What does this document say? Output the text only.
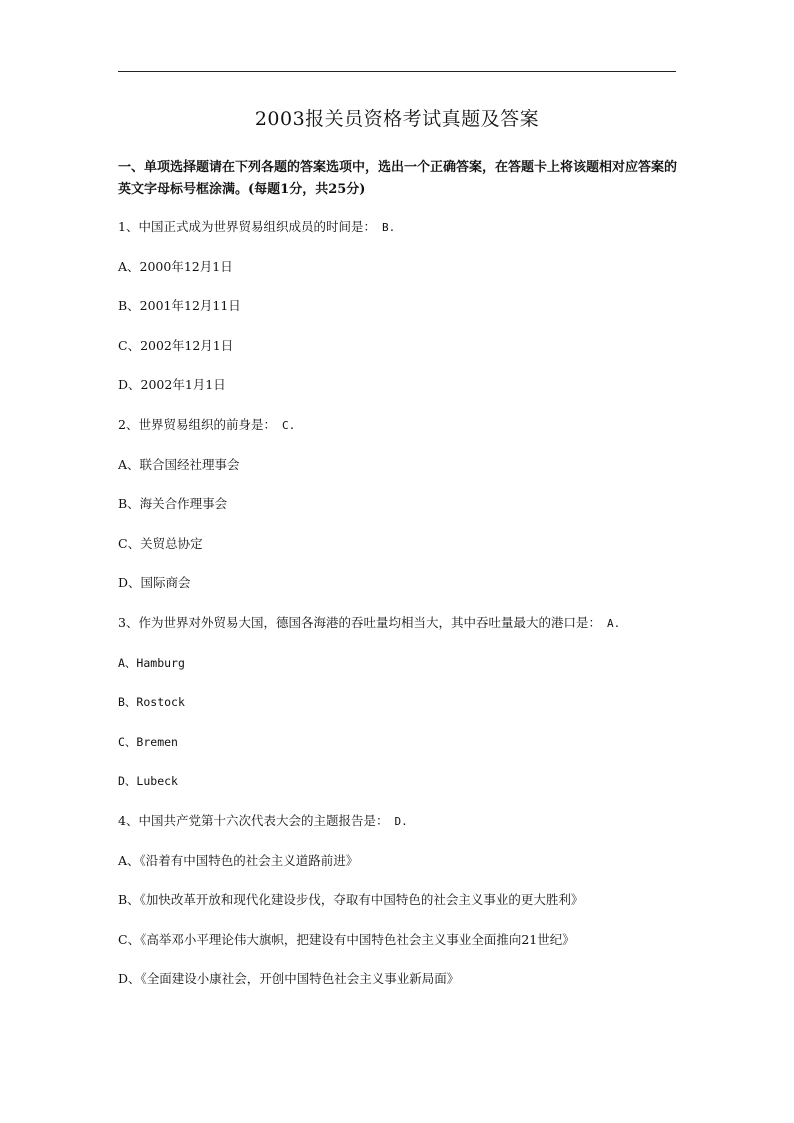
2003报关员资格考试真题及答案

一、单项选择题请在下列各题的答案选项中，选出一个正确答案，在答题卡上将该题相对应答案的英文字母标号框涂满。(每题1分，共25分)

1、中国正式成为世界贸易组织成员的时间是： B.
A、2000年12月1日
B、2001年12月11日
C、2002年12月1日
D、2002年1月1日
2、世界贸易组织的前身是： C.
A、联合国经社理事会
B、海关合作理事会
C、关贸总协定
D、国际商会
3、作为世界对外贸易大国，德国各海港的吞吐量均相当大，其中吞吐量最大的港口是： A.
A、Hamburg
B、Rostock
C、Bremen
D、Lubeck
4、中国共产党第十六次代表大会的主题报告是： D.
A、《沿着有中国特色的社会主义道路前进》
B、《加快改革开放和现代化建设步伐，夺取有中国特色的社会主义事业的更大胜利》
C、《高举邓小平理论伟大旗帜，把建设有中国特色社会主义事业全面推向21世纪》
D、《全面建设小康社会，开创中国特色社会主义事业新局面》
